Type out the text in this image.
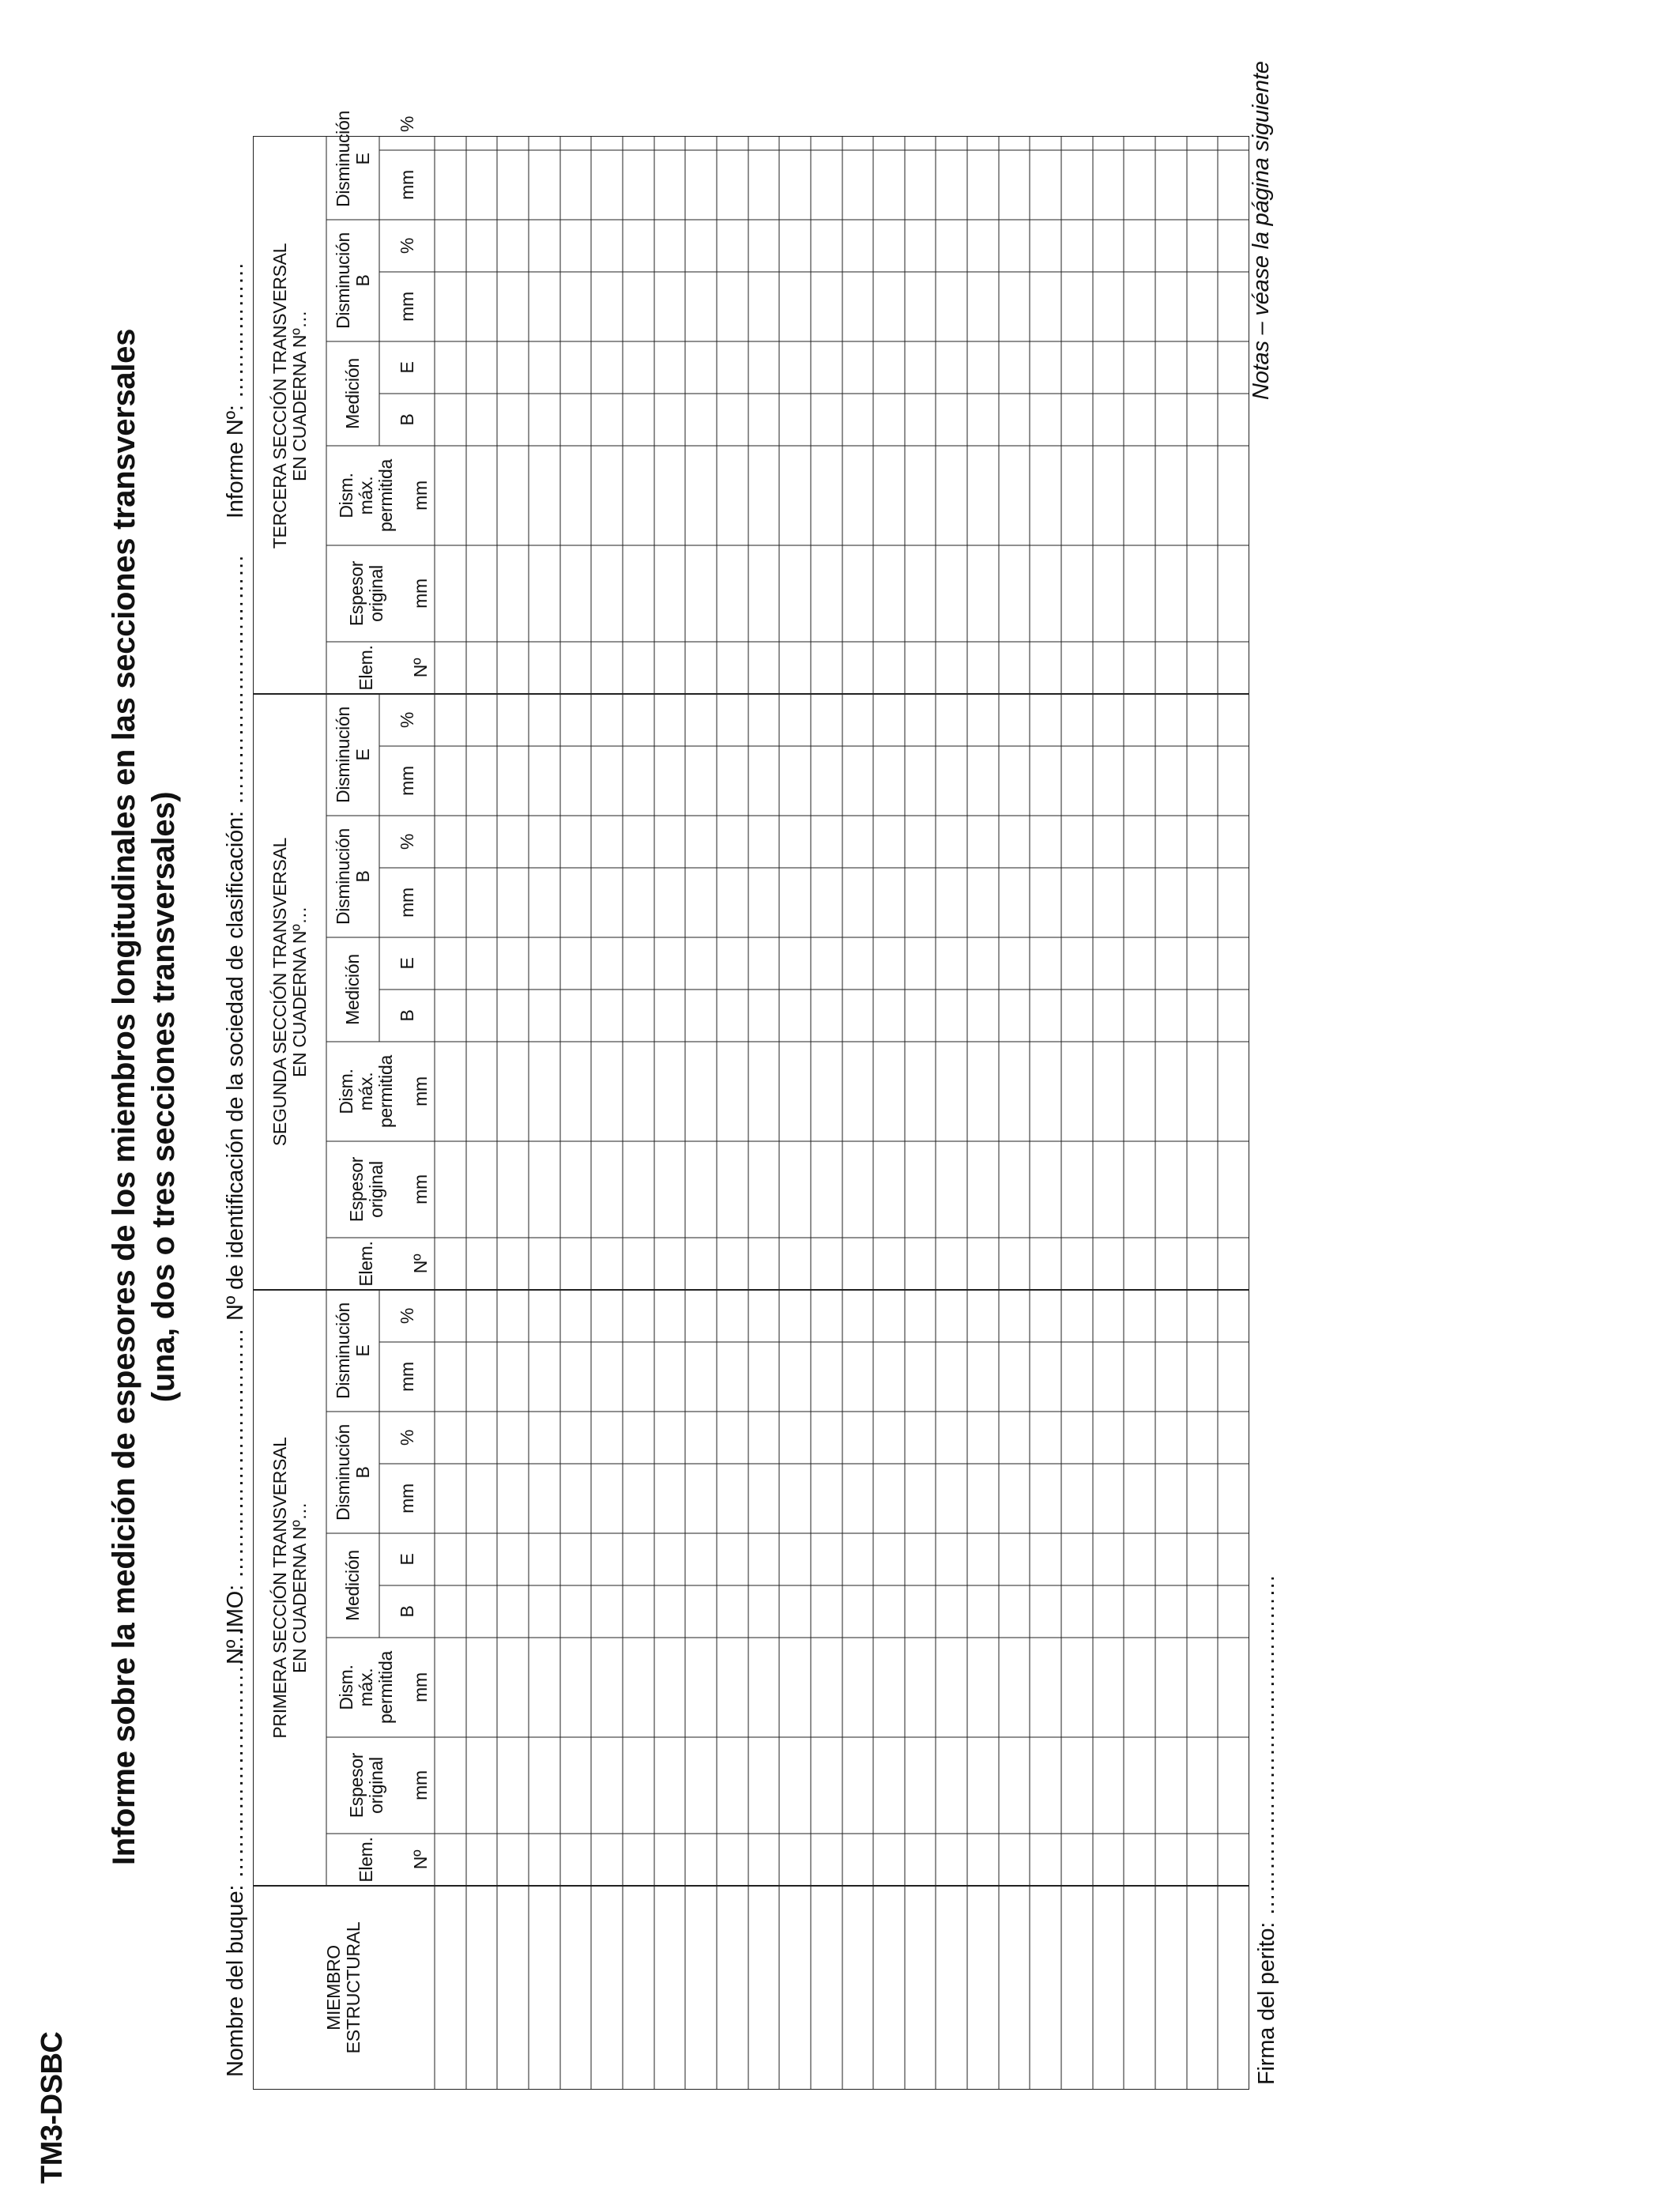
TM3-DSBC
Informe sobre la medición de espesores de los miembros longitudinales en las secciones transversales (una, dos o tres secciones transversales)
Nombre del buque: ……………………………
Nº IMO: ……………………………
Nº de identificación de la sociedad de clasificación: ……………………………
Informe Nº: ………………
MIEMBRO
ESTRUCTURAL
PRIMERA SECCIÓN TRANSVERSAL
EN CUADERNA Nº…
Elem.
Espesor
original
Dism.
máx.
permitida
Medición
Disminución
B
Disminución
E
Nº
mm
mm
B
E
mm
%
mm
%
SEGUNDA SECCIÓN TRANSVERSAL
EN CUADERNA Nº…
Elem.
Espesor
original
Dism.
máx.
permitida
Medición
Disminución
B
Disminución
E
Nº
mm
mm
B
E
mm
%
mm
%
TERCERA SECCIÓN TRANSVERSAL
EN CUADERNA Nº…
Elem.
Espesor
original
Dism.
máx.
permitida
Medición
Disminución
B
Disminución
E
Nº
mm
mm
B
E
mm
%
mm
%
Firma del perito: ………………………………………
Notas – véase la página siguiente
